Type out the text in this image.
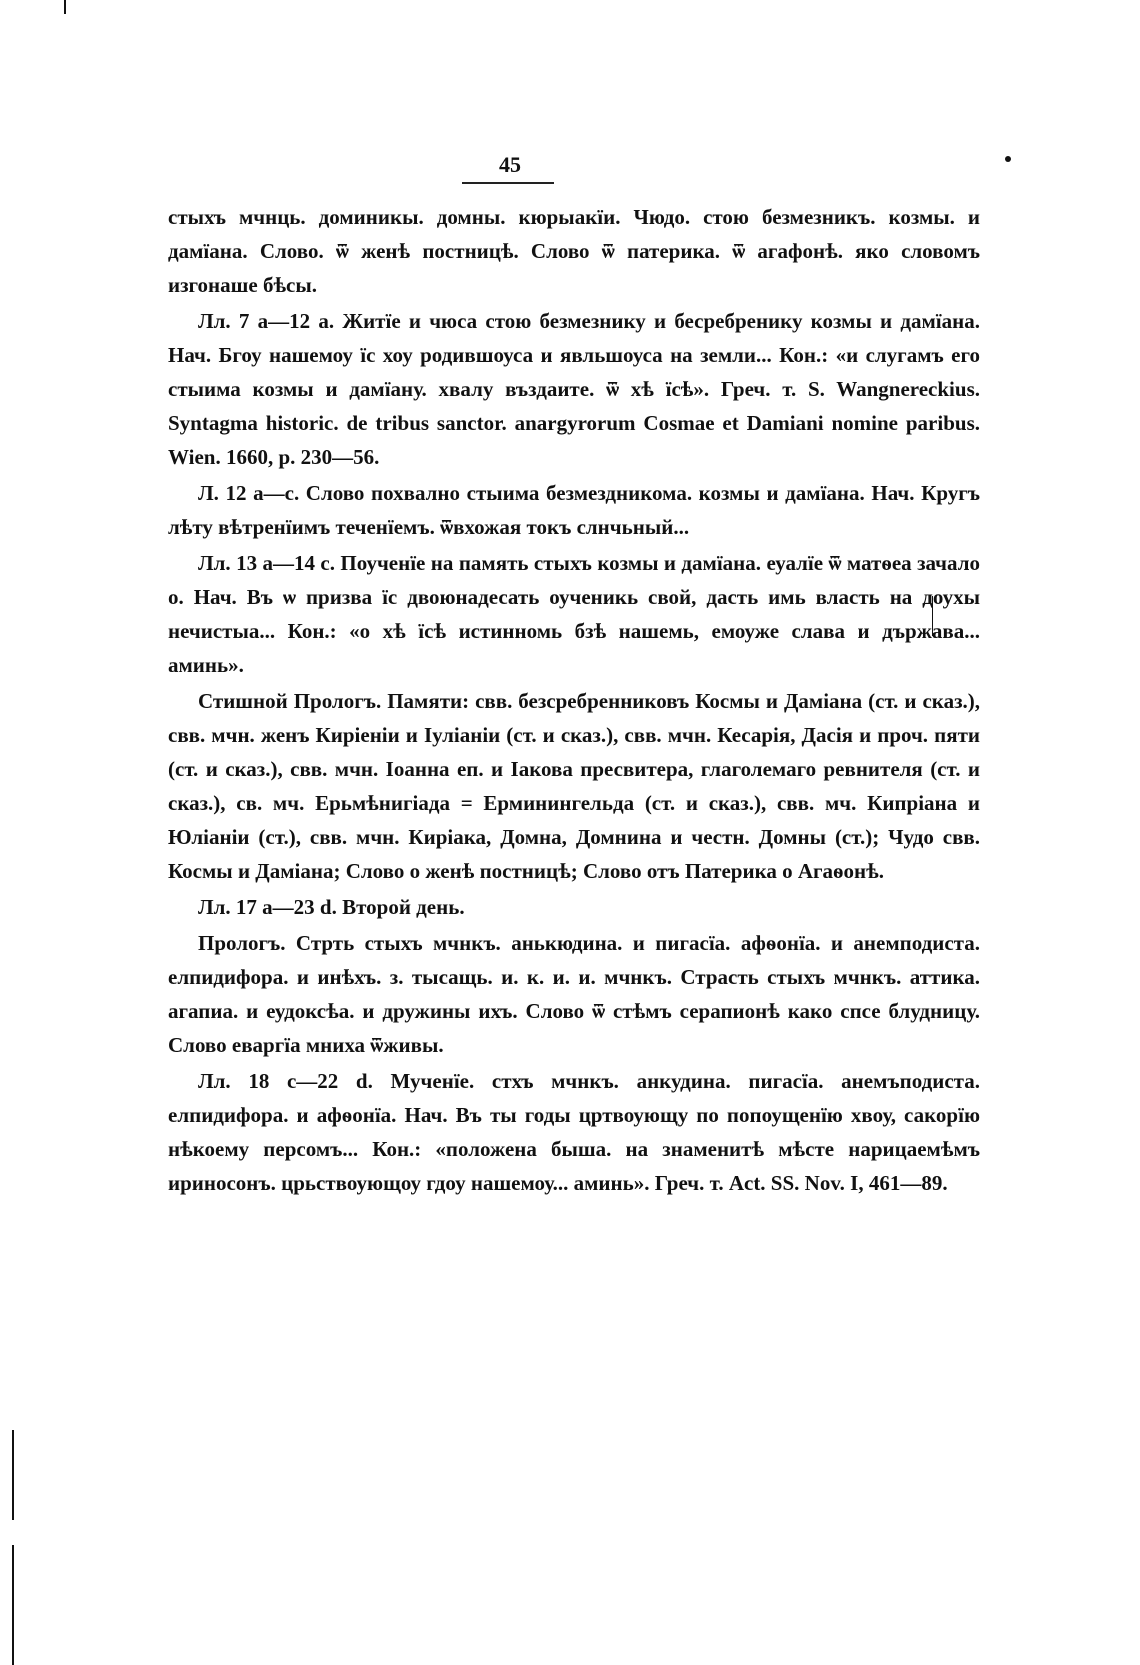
45

стыхъ мчнць. доминикы. домны. кюрыакїи. Чюдо. стою безмезникъ. козмы. и дамїана. Слово. ѿ женѣ постницѣ. Слово ѿ патерика. ѿ агафонѣ. яко словомъ изгонаше бѣсы.

Лл. 7 а—12 а. Житїе и чюса стою безмезнику и бесребренику козмы и дамїана. Нач. Бгоу нашемоу їс хоу родившоуса и явльшоуса на земли... Кон.: «и слугамъ его стыима козмы и дамїану. хвалу въздаите. ѿ хѣ їсѣ». Греч. т. S. Wangnereckius. Syntagma historic. de tribus sanctor. anargyrorum Cosmae et Damiani nomine paribus. Wien. 1660, p. 230—56.

Л. 12 а—с. Слово похвално стыима безмездникома. козмы и дамїана. Нач. Кругъ лѣту вѣтренїимъ теченїемъ. ѿвхожая токъ слнчьный...

Лл. 13 а—14 с. Поученїе на память стыхъ козмы и дамїана. еуалїе ѿ матѳеа зачало о. Нач. Въ ѡ призва їс двоюнадесать оученикь свой, дасть имь власть на доухы нечистыа... Кон.: «о хѣ їсѣ истинномь бзѣ нашемь, емоуже слава и държава... аминь».

Стишной Прологъ. Памяти: свв. безсребренниковъ Космы и Даміана (ст. и сказ.), свв. мчн. женъ Киріеніи и Іуліаніи (ст. и сказ.), свв. мчн. Кесарія, Дасія и проч. пяти (ст. и сказ.), свв. мчн. Іоанна еп. и Іакова пресвитера, глаголемаго ревнителя (ст. и сказ.), св. мч. Ерьмѣнигіада = Ерминингельда (ст. и сказ.), свв. мч. Кипріана и Юліаніи (ст.), свв. мчн. Киріака, Домна, Домнина и честн. Домны (ст.); Чудо свв. Космы и Даміана; Слово о женѣ постницѣ; Слово отъ Патерика о Агаѳонѣ.

Лл. 17 а—23 d. Второй день.

Прологъ. Стрть стыхъ мчнкъ. анькюдина. и пигасїа. афѳонїа. и анемподиста. елпидифора. и инѣхъ. з. тысащь. и. к. и. и. мчнкъ. Страсть стыхъ мчнкъ. аттика. агапиа. и еудоксѣа. и дружины ихъ. Слово ѿ стѣмъ серапионѣ како спсе блудницу. Слово еваргїа мниха ѿживы.

Лл. 18 с—22 d. Мученїе. стхъ мчнкъ. анкудина. пигасїа. анемъподиста. елпидифора. и афѳонїа. Нач. Въ ты годы цртвоующу по попоущенїю хвоу, сакорїю нѣкоему персомъ... Кон.: «положена быша. на знаменитѣ мѣсте нарицаемѣмъ ириносонъ. црьствоующоу гдоу нашемоу... аминь». Греч. т. Act. SS. Nov. I, 461—89.
